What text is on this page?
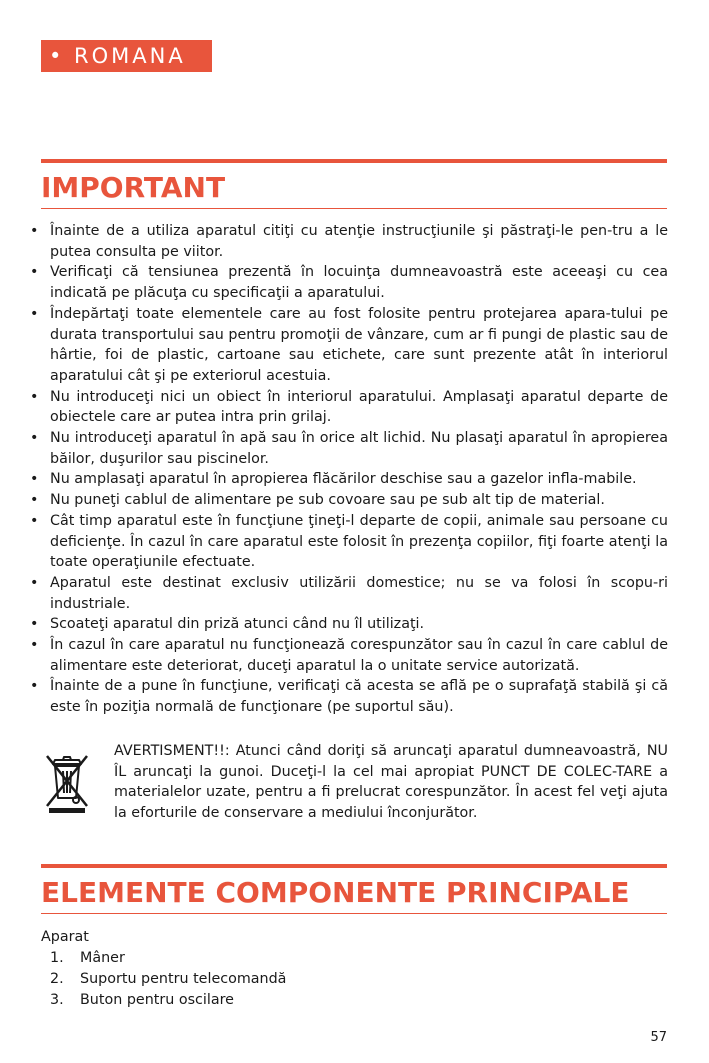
• ROMANA
IMPORTANT
• Înainte de a utiliza aparatul citiţi cu atenţie instrucţiunile şi păstraţi-le pen-tru a le putea consulta pe viitor.
• Verificaţi că tensiunea prezentă în locuinţa dumneavoastră este aceeaşi cu cea indicată pe plăcuţa cu specificaţii a aparatului.
• Îndepărtaţi toate elementele care au fost folosite pentru protejarea apara-tului pe durata transportului sau pentru promoţii de vânzare, cum ar fi pungi de plastic sau de hârtie, foi de plastic, cartoane sau etichete, care sunt prezente atât în interiorul aparatului cât şi pe exteriorul acestuia.
• Nu introduceţi nici un obiect în interiorul aparatului. Amplasaţi aparatul departe de obiectele care ar putea intra prin grilaj.
• Nu introduceţi aparatul în apă sau în orice alt lichid. Nu plasaţi aparatul în apropierea băilor, duşurilor sau piscinelor.
• Nu amplasaţi aparatul în apropierea flăcărilor deschise sau a gazelor infla-mabile.
• Nu puneţi cablul de alimentare pe sub covoare sau pe sub alt tip de material.
• Cât timp aparatul este în funcţiune ţineţi-l departe de copii, animale sau persoane cu deficienţe. În cazul în care aparatul este folosit în prezenţa copiilor, fiţi foarte atenţi la toate operaţiunile efectuate.
• Aparatul este destinat exclusiv utilizării domestice; nu se va folosi în scopu-ri industriale.
• Scoateţi aparatul din priză atunci când nu îl utilizaţi.
• În cazul în care aparatul nu funcţionează corespunzător sau în cazul în care cablul de alimentare este deteriorat, duceţi aparatul la o unitate service autorizată.
• Înainte de a pune în funcţiune, verificaţi că acesta se află pe o suprafaţă stabilă şi că este în poziţia normală de funcţionare (pe suportul său).
AVERTISMENT!!: Atunci când doriţi să aruncaţi aparatul dumneavoastră, NU ÎL aruncaţi la gunoi. Duceţi-l la cel mai apropiat PUNCT DE COLEC-TARE a materialelor uzate, pentru a fi prelucrat corespunzător. În acest fel veţi ajuta la eforturile de conservare a mediului înconjurător.
ELEMENTE COMPONENTE PRINCIPALE
Aparat
1. Mâner
2. Suportu pentru telecomandă
3. Buton pentru oscilare
57
